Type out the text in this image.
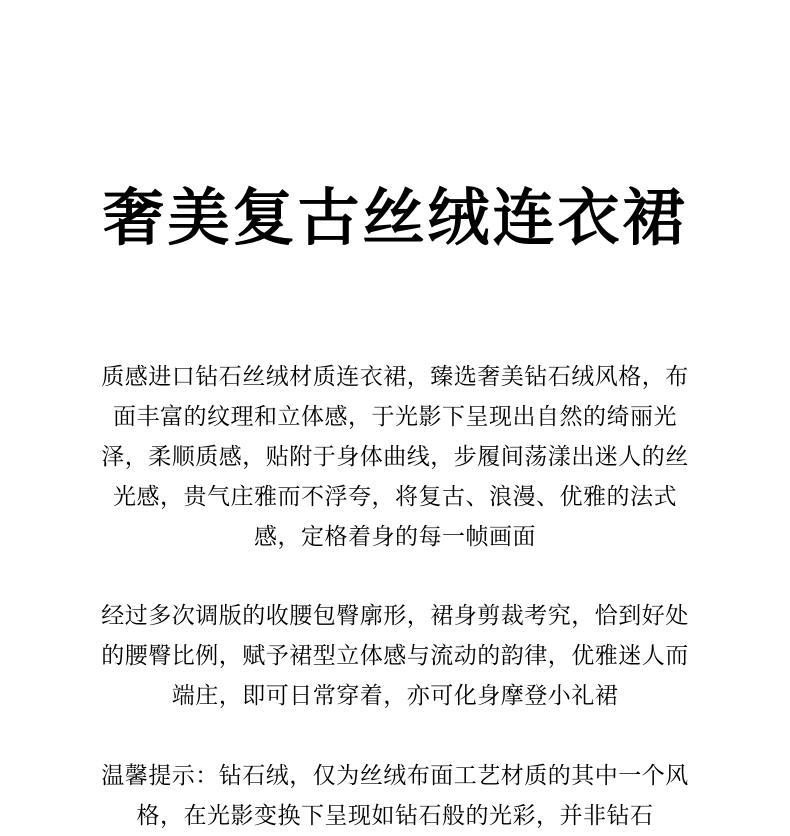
奢美复古丝绒连衣裙

质感进口钻石丝绒材质连衣裙，臻选奢美钻石绒风格，布
面丰富的纹理和立体感，于光影下呈现出自然的绮丽光
泽，柔顺质感，贴附于身体曲线，步履间荡漾出迷人的丝
光感，贵气庄雅而不浮夸，将复古、浪漫、优雅的法式
感，定格着身的每一帧画面

经过多次调版的收腰包臀廓形，裙身剪裁考究，恰到好处
的腰臀比例，赋予裙型立体感与流动的韵律，优雅迷人而
端庄，即可日常穿着，亦可化身摩登小礼裙

温馨提示：钻石绒，仅为丝绒布面工艺材质的其中一个风
格，在光影变换下呈现如钻石般的光彩，并非钻石
